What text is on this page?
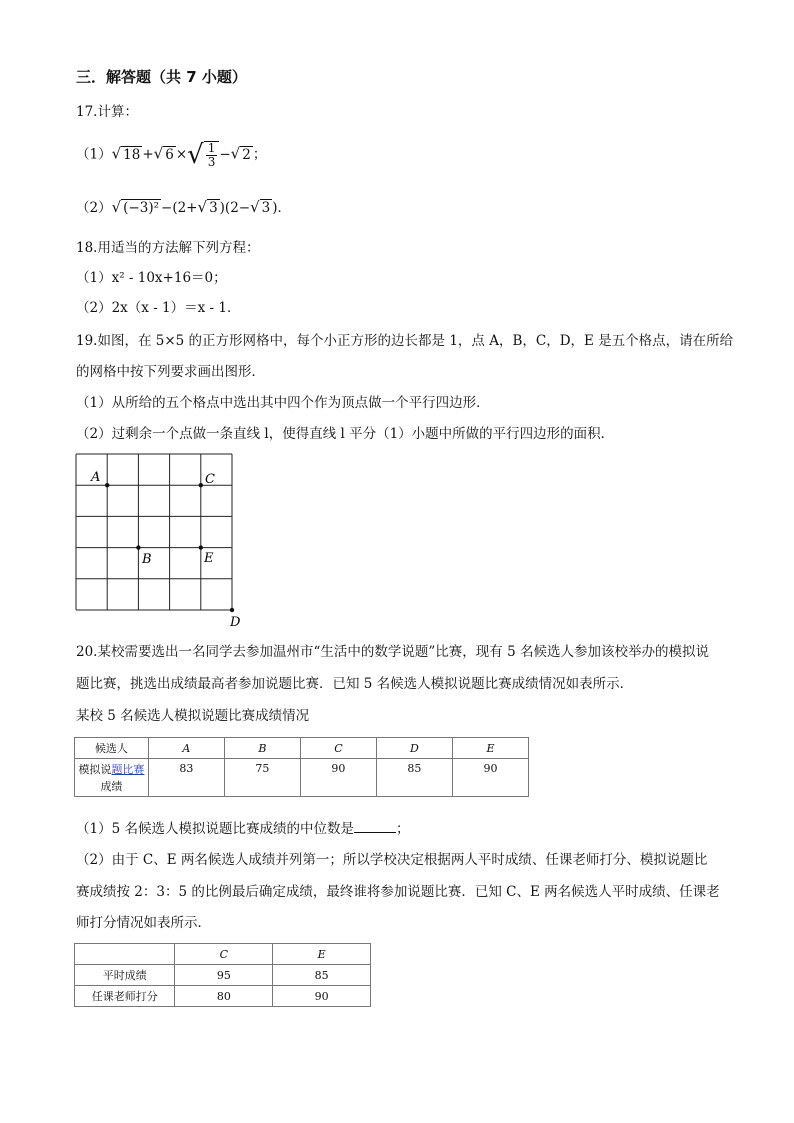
三．解答题（共 7 小题）
17.计算：
（1）√ 18 +√ 6 ×√ $\frac{1}{3}$ −√ 2 ；
（2）√ (−3)² −(2+√ 3 )(2−√ 3 )．
18.用适当的方法解下列方程：
（1）x² - 10x+16＝0；
（2）2x（x - 1）＝x - 1．
19.如图，在 5×5 的正方形网格中，每个小正方形的边长都是 1，点 A，B，C，D，E 是五个格点，请在所给
的网格中按下列要求画出图形．
（1）从所给的五个格点中选出其中四个作为顶点做一个平行四边形．
（2）过剩余一个点做一条直线 l，使得直线 l 平分（1）小题中所做的平行四边形的面积．
A	C
B	E
D
20.某校需要选出一名同学去参加温州市“生活中的数学说题”比赛，现有 5 名候选人参加该校举办的模拟说
题比赛，挑选出成绩最高者参加说题比赛．已知 5 名候选人模拟说题比赛成绩情况如表所示．
某校 5 名候选人模拟说题比赛成绩情况
候选人	A	B	C	D	E
模拟说题比赛
成绩	83	75	90	85	90
（1）5 名候选人模拟说题比赛成绩的中位数是	；
（2）由于 C、E 两名候选人成绩并列第一；所以学校决定根据两人平时成绩、任课老师打分、模拟说题比
赛成绩按 2：3：5 的比例最后确定成绩，最终谁将参加说题比赛．已知 C、E 两名候选人平时成绩、任课老
师打分情况如表所示．
	C	E
平时成绩	95	85
任课老师打分	80	90
